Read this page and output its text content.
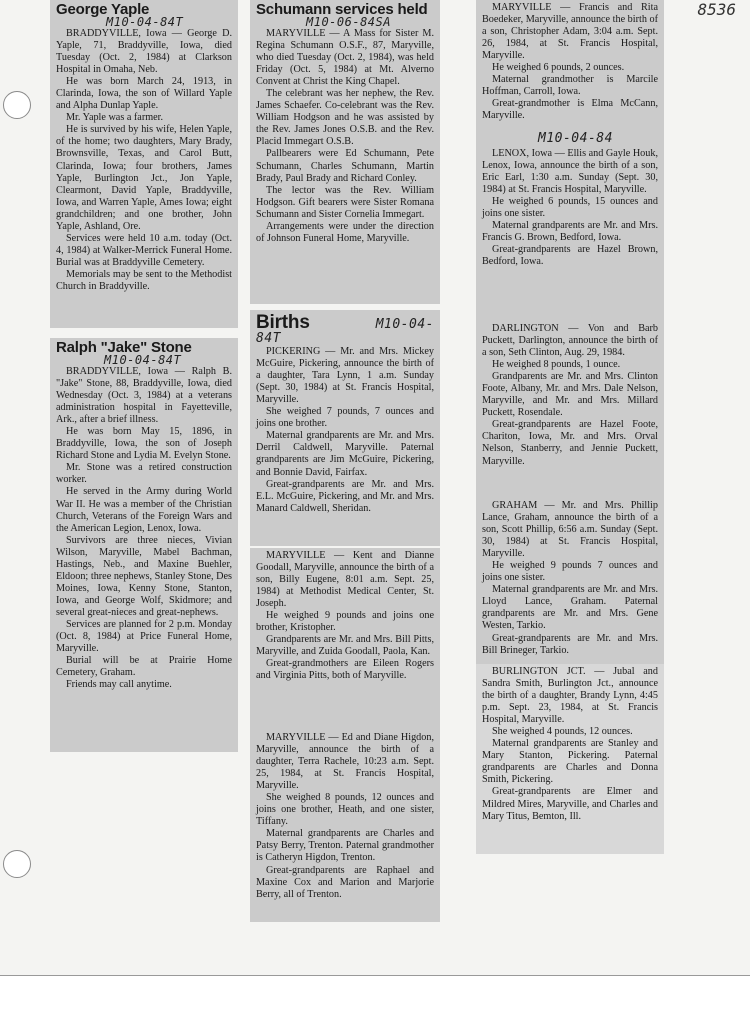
8536
George Yaple
M10-04-84T

BRADDYVILLE, Iowa — George D. Yaple, 71, Braddyville, Iowa, died Tuesday (Oct. 2, 1984) at Clarkson Hospital in Omaha, Neb.

He was born March 24, 1913, in Clarinda, Iowa, the son of Willard Yaple and Alpha Dunlap Yaple.

Mr. Yaple was a farmer.

He is survived by his wife, Helen Yaple, of the home; two daughters, Mary Brady, Brownsville, Texas, and Carol Butt, Clarinda, Iowa; four brothers, James Yaple, Burlington Jct., Jon Yaple, Clearmont, David Yaple, Braddyville, Iowa, and Warren Yaple, Ames Iowa; eight grandchildren; and one brother, John Yaple, Ashland, Ore.

Services were held 10 a.m. today (Oct. 4, 1984) at Walker-Merrick Funeral Home. Burial was at Braddyville Cemetery.

Memorials may be sent to the Methodist Church in Braddyville.

Ralph "Jake" Stone
M10-04-84T

BRADDYVILLE, Iowa — Ralph B. "Jake" Stone, 88, Braddyville, Iowa, died Wednesday (Oct. 3, 1984) at a veterans administration hospital in Fayetteville, Ark., after a brief illness.

He was born May 15, 1896, in Braddyville, Iowa, the son of Joseph Richard Stone and Lydia M. Evelyn Stone.

Mr. Stone was a retired construction worker.

He served in the Army during World War II. He was a member of the Christian Church, Veterans of the Foreign Wars and the American Legion, Lenox, Iowa.

Survivors are three nieces, Vivian Wilson, Maryville, Mabel Bachman, Hastings, Neb., and Maxine Buehler, Eldoon; three nephews, Stanley Stone, Des Moines, Iowa, Kenny Stone, Stanton, Iowa, and George Wolf, Skidmore; and several great-nieces and great-nephews.

Services are planned for 2 p.m. Monday (Oct. 8, 1984) at Price Funeral Home, Maryville.

Burial will be at Prairie Home Cemetery, Graham.

Friends may call anytime.

Schumann services held
M10-06-84SA

MARYVILLE — A Mass for Sister M. Regina Schumann O.S.F., 87, Maryville, who died Tuesday (Oct. 2, 1984), was held Friday (Oct. 5, 1984) at Mt. Alverno Convent at Christ the King Chapel.

The celebrant was her nephew, the Rev. James Schaefer. Co-celebrant was the Rev. William Hodgson and he was assisted by the Rev. James Jones O.S.B. and the Rev. Placid Immegart O.S.B.

Pallbearers were Ed Schumann, Pete Schumann, Charles Schumann, Martin Brady, Paul Brady and Richard Conley.

The lector was the Rev. William Hodgson. Gift bearers were Sister Romana Schumann and Sister Cornelia Immegart.

Arrangements were under the direction of Johnson Funeral Home, Maryville.

Births	M10-04-84T

PICKERING — Mr. and Mrs. Mickey McGuire, Pickering, announce the birth of a daughter, Tara Lynn, 1 a.m. Sunday (Sept. 30, 1984) at St. Francis Hospital, Maryville.

She weighed 7 pounds, 7 ounces and joins one brother.

Maternal grandparents are Mr. and Mrs. Derril Caldwell, Maryville. Paternal grandparents are Jim McGuire, Pickering, and Bonnie David, Fairfax.

Great-grandparents are Mr. and Mrs. E.L. McGuire, Pickering, and Mr. and Mrs. Manard Caldwell, Sheridan.

MARYVILLE — Kent and Dianne Goodall, Maryville, announce the birth of a son, Billy Eugene, 8:01 a.m. Sept. 25, 1984) at Methodist Medical Center, St. Joseph.

He weighed 9 pounds and joins one brother, Kristopher.

Grandparents are Mr. and Mrs. Bill Pitts, Maryville, and Zuida Goodall, Paola, Kan.

Great-grandmothers are Eileen Rogers and Virginia Pitts, both of Maryville.

MARYVILLE — Ed and Diane Higdon, Maryville, announce the birth of a daughter, Terra Rachele, 10:23 a.m. Sept. 25, 1984, at St. Francis Hospital, Maryville.

She weighed 8 pounds, 12 ounces and joins one brother, Heath, and one sister, Tiffany.

Maternal grandparents are Charles and Patsy Berry, Trenton. Paternal grandmother is Catheryn Higdon, Trenton.

Great-grandparents are Raphael and Maxine Cox and Marion and Marjorie Berry, all of Trenton.

MARYVILLE — Francis and Rita Boedeker, Maryville, announce the birth of a son, Christopher Adam, 3:04 a.m. Sept. 26, 1984, at St. Francis Hospital, Maryville.

He weighed 6 pounds, 2 ounces.

Maternal grandmother is Marcile Hoffman, Carroll, Iowa.

Great-grandmother is Elma McCann, Maryville.

M10-04-84

LENOX, Iowa — Ellis and Gayle Houk, Lenox, Iowa, announce the birth of a son, Eric Earl, 1:30 a.m. Sunday (Sept. 30, 1984) at St. Francis Hospital, Maryville.

He weighed 6 pounds, 15 ounces and joins one sister.

Maternal grandparents are Mr. and Mrs. Francis G. Brown, Bedford, Iowa.

Great-grandparents are Hazel Brown, Bedford, Iowa.

DARLINGTON — Von and Barb Puckett, Darlington, announce the birth of a son, Seth Clinton, Aug. 29, 1984.

He weighed 8 pounds, 1 ounce.

Grandparents are Mr. and Mrs. Clinton Foote, Albany, Mr. and Mrs. Dale Nelson, Maryville, and Mr. and Mrs. Millard Puckett, Rosendale.

Great-grandparents are Hazel Foote, Chariton, Iowa, Mr. and Mrs. Orval Nelson, Stanberry, and Jennie Puckett, Maryville.

GRAHAM — Mr. and Mrs. Phillip Lance, Graham, announce the birth of a son, Scott Phillip, 6:56 a.m. Sunday (Sept. 30, 1984) at St. Francis Hospital, Maryville.

He weighed 9 pounds 7 ounces and joins one sister.

Maternal grandparents are Mr. and Mrs. Lloyd Lance, Graham. Paternal grandparents are Mr. and Mrs. Gene Westen, Tarkio.

Great-grandparents are Mr. and Mrs. Bill Brineger, Tarkio.

BURLINGTON JCT. — Jubal and Sandra Smith, Burlington Jct., announce the birth of a daughter, Brandy Lynn, 4:45 p.m. Sept. 23, 1984, at St. Francis Hospital, Maryville.

She weighed 4 pounds, 12 ounces.

Maternal grandparents are Stanley and Mary Stanton, Pickering. Paternal grandparents are Charles and Donna Smith, Pickering.

Great-grandparents are Elmer and Mildred Mires, Maryville, and Charles and Mary Titus, Bemton, Ill.
